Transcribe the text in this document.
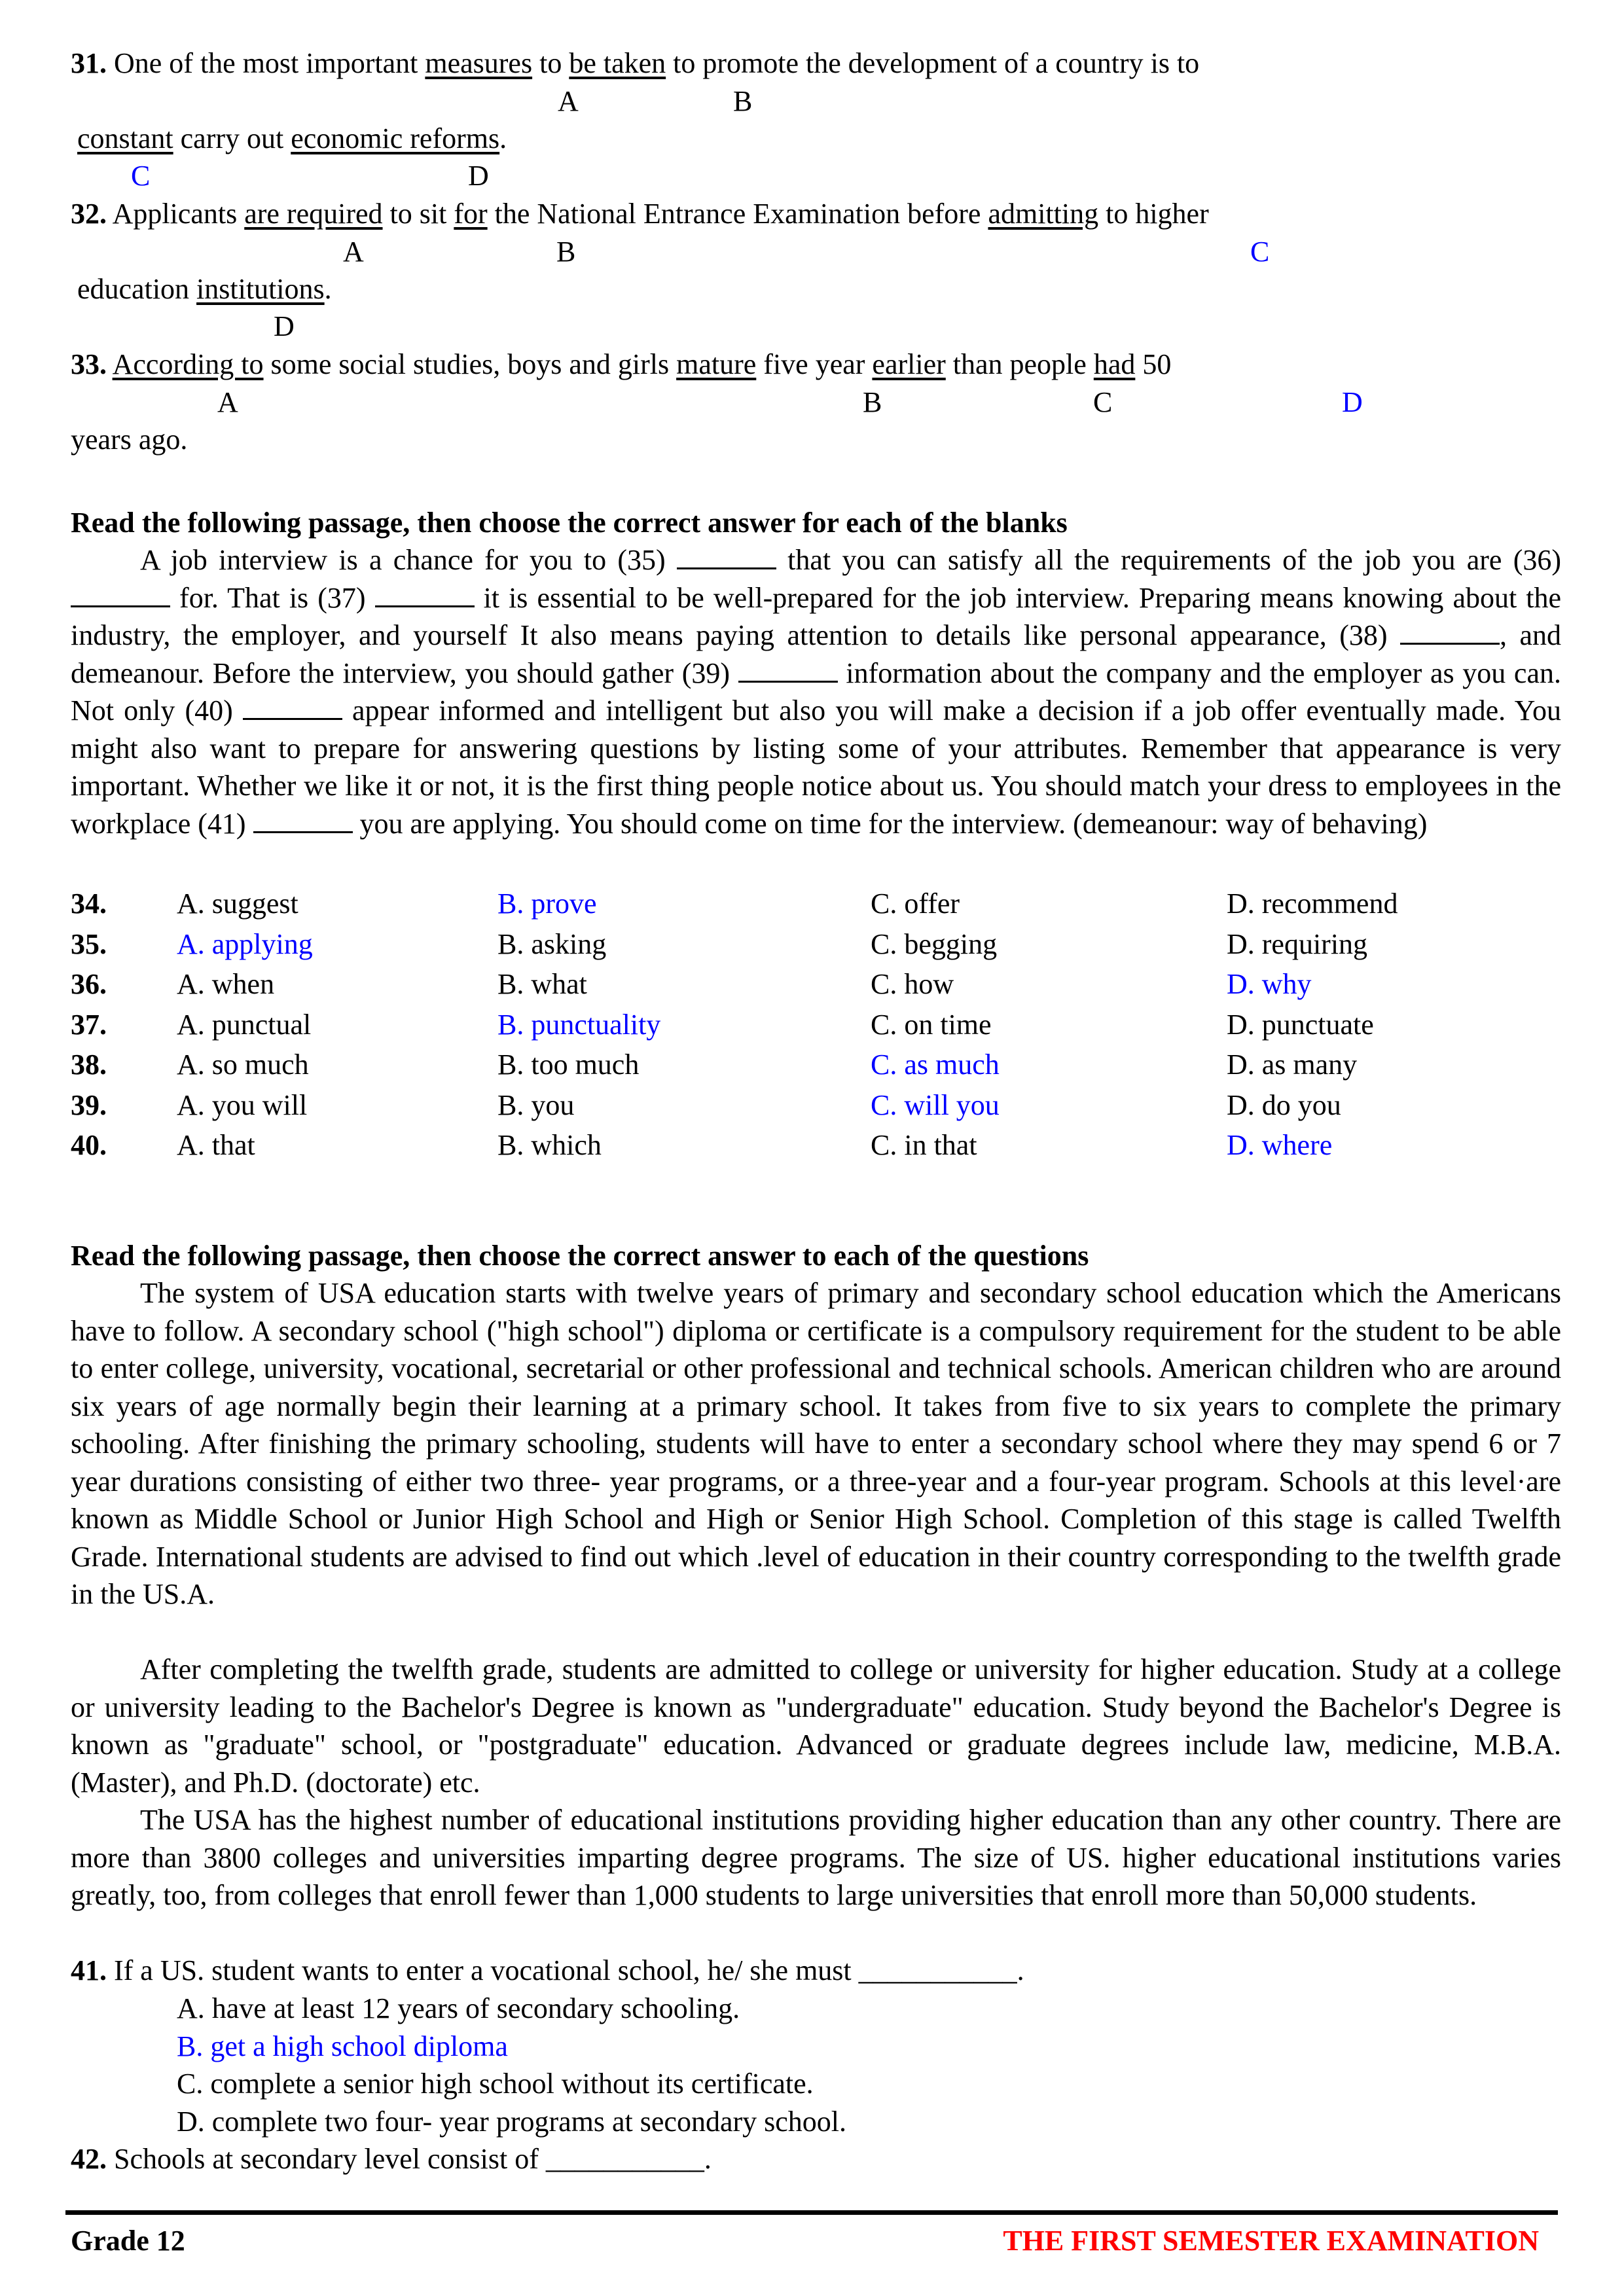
31. One of the most important measures to be taken to promote the development of a country is to
A	B
constant carry out economic reforms.
C	D
32. Applicants are required to sit for the National Entrance Examination before admitting to higher
A	B	C
education institutions.
D
33. According to some social studies, boys and girls mature five year earlier than people had 50
A	B	C	D
years ago.
Read the following passage, then choose the correct answer for each of the blanks
A job interview is a chance for you to (35)	that you can satisfy all the requirements of the job you are (36)  for. That is (37)	it is essential to be well-prepared for the job interview. Preparing means knowing about the industry, the employer, and yourself It also means paying attention to details like personal appearance, (38)	, and demeanour. Before the interview, you should gather (39)	information about the company and the employer as you can. Not only (40)	appear informed and intelligent but also you will make a decision if a job offer eventually made. You might also want to prepare for answering questions by listing some of your attributes. Remember that appearance is very important. Whether we like it or not, it is the first thing people notice about us. You should match your dress to employees in the workplace (41)	you are applying. You should come on time for the interview. (demeanour: way of behaving)
34. A. suggest	B. prove	C. offer	D. recommend
35. A. applying	B. asking	C. begging	D. requiring
36. A. when	B. what	C. how	D. why
37. A. punctual	B. punctuality	C. on time	D. punctuate
38. A. so much	B. too much	C. as much	D. as many
39. A. you will	B. you	C. will you	D. do you
40. A. that	B. which	C. in that	D. where
Read the following passage, then choose the correct answer to each of the questions
The system of USA education starts with twelve years of primary and secondary school education which the Americans have to follow. A secondary school ("high school") diploma or certificate is a compulsory requirement for the student to be able to enter college, university, vocational, secretarial or other professional and technical schools. American children who are around six years of age normally begin their learning at a primary school. It takes from five to six years to complete the primary schooling. After finishing the primary schooling, students will have to enter a secondary school where they may spend 6 or 7 year durations consisting of either two three- year programs, or a three-year and a four-year program. Schools at this level·are known as Middle School or Junior High School and High or Senior High School. Completion of this stage is called Twelfth Grade. International students are advised to find out which .level of education in their country corresponding to the twelfth grade in the US.A.
After completing the twelfth grade, students are admitted to college or university for higher education. Study at a college or university leading to the Bachelor's Degree is known as "undergraduate" education. Study beyond the Bachelor's Degree is known as "graduate" school, or "postgraduate" education. Advanced or graduate degrees include law, medicine, M.B.A. (Master), and Ph.D. (doctorate) etc.
The USA has the highest number of educational institutions providing higher education than any other country. There are more than 3800 colleges and universities imparting degree programs. The size of US. higher educational institutions varies greatly, too, from colleges that enroll fewer than 1,000 students to large universities that enroll more than 50,000 students.
41. If a US. student wants to enter a vocational school, he/ she must ___________.
A. have at least 12 years of secondary schooling.
B. get a high school diploma
C. complete a senior high school without its certificate.
D. complete two four- year programs at secondary school.
42. Schools at secondary level consist of ___________.
Grade 12	THE FIRST SEMESTER EXAMINATION
